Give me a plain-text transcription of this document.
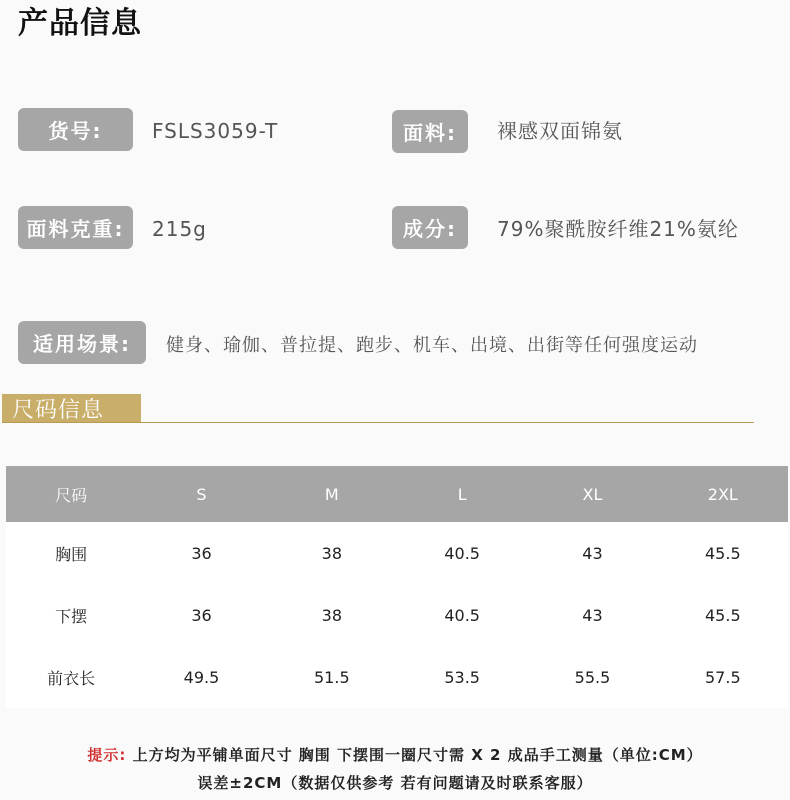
产品信息
货号:	FSLS3059-T	面料:	裸感双面锦氨
面料克重:	215g	成分:	79%聚酰胺纤维21%氨纶
适用场景:	健身、瑜伽、普拉提、跑步、机车、出境、出街等任何强度运动
尺码信息
尺码	S	M	L	XL	2XL
胸围	36	38	40.5	43	45.5
下摆	36	38	40.5	43	45.5
前衣长	49.5	51.5	53.5	55.5	57.5
提示: 上方均为平铺单面尺寸 胸围 下摆围一圈尺寸需 X 2 成品手工测量（单位:CM）
误差±2CM（数据仅供参考 若有问题请及时联系客服）
